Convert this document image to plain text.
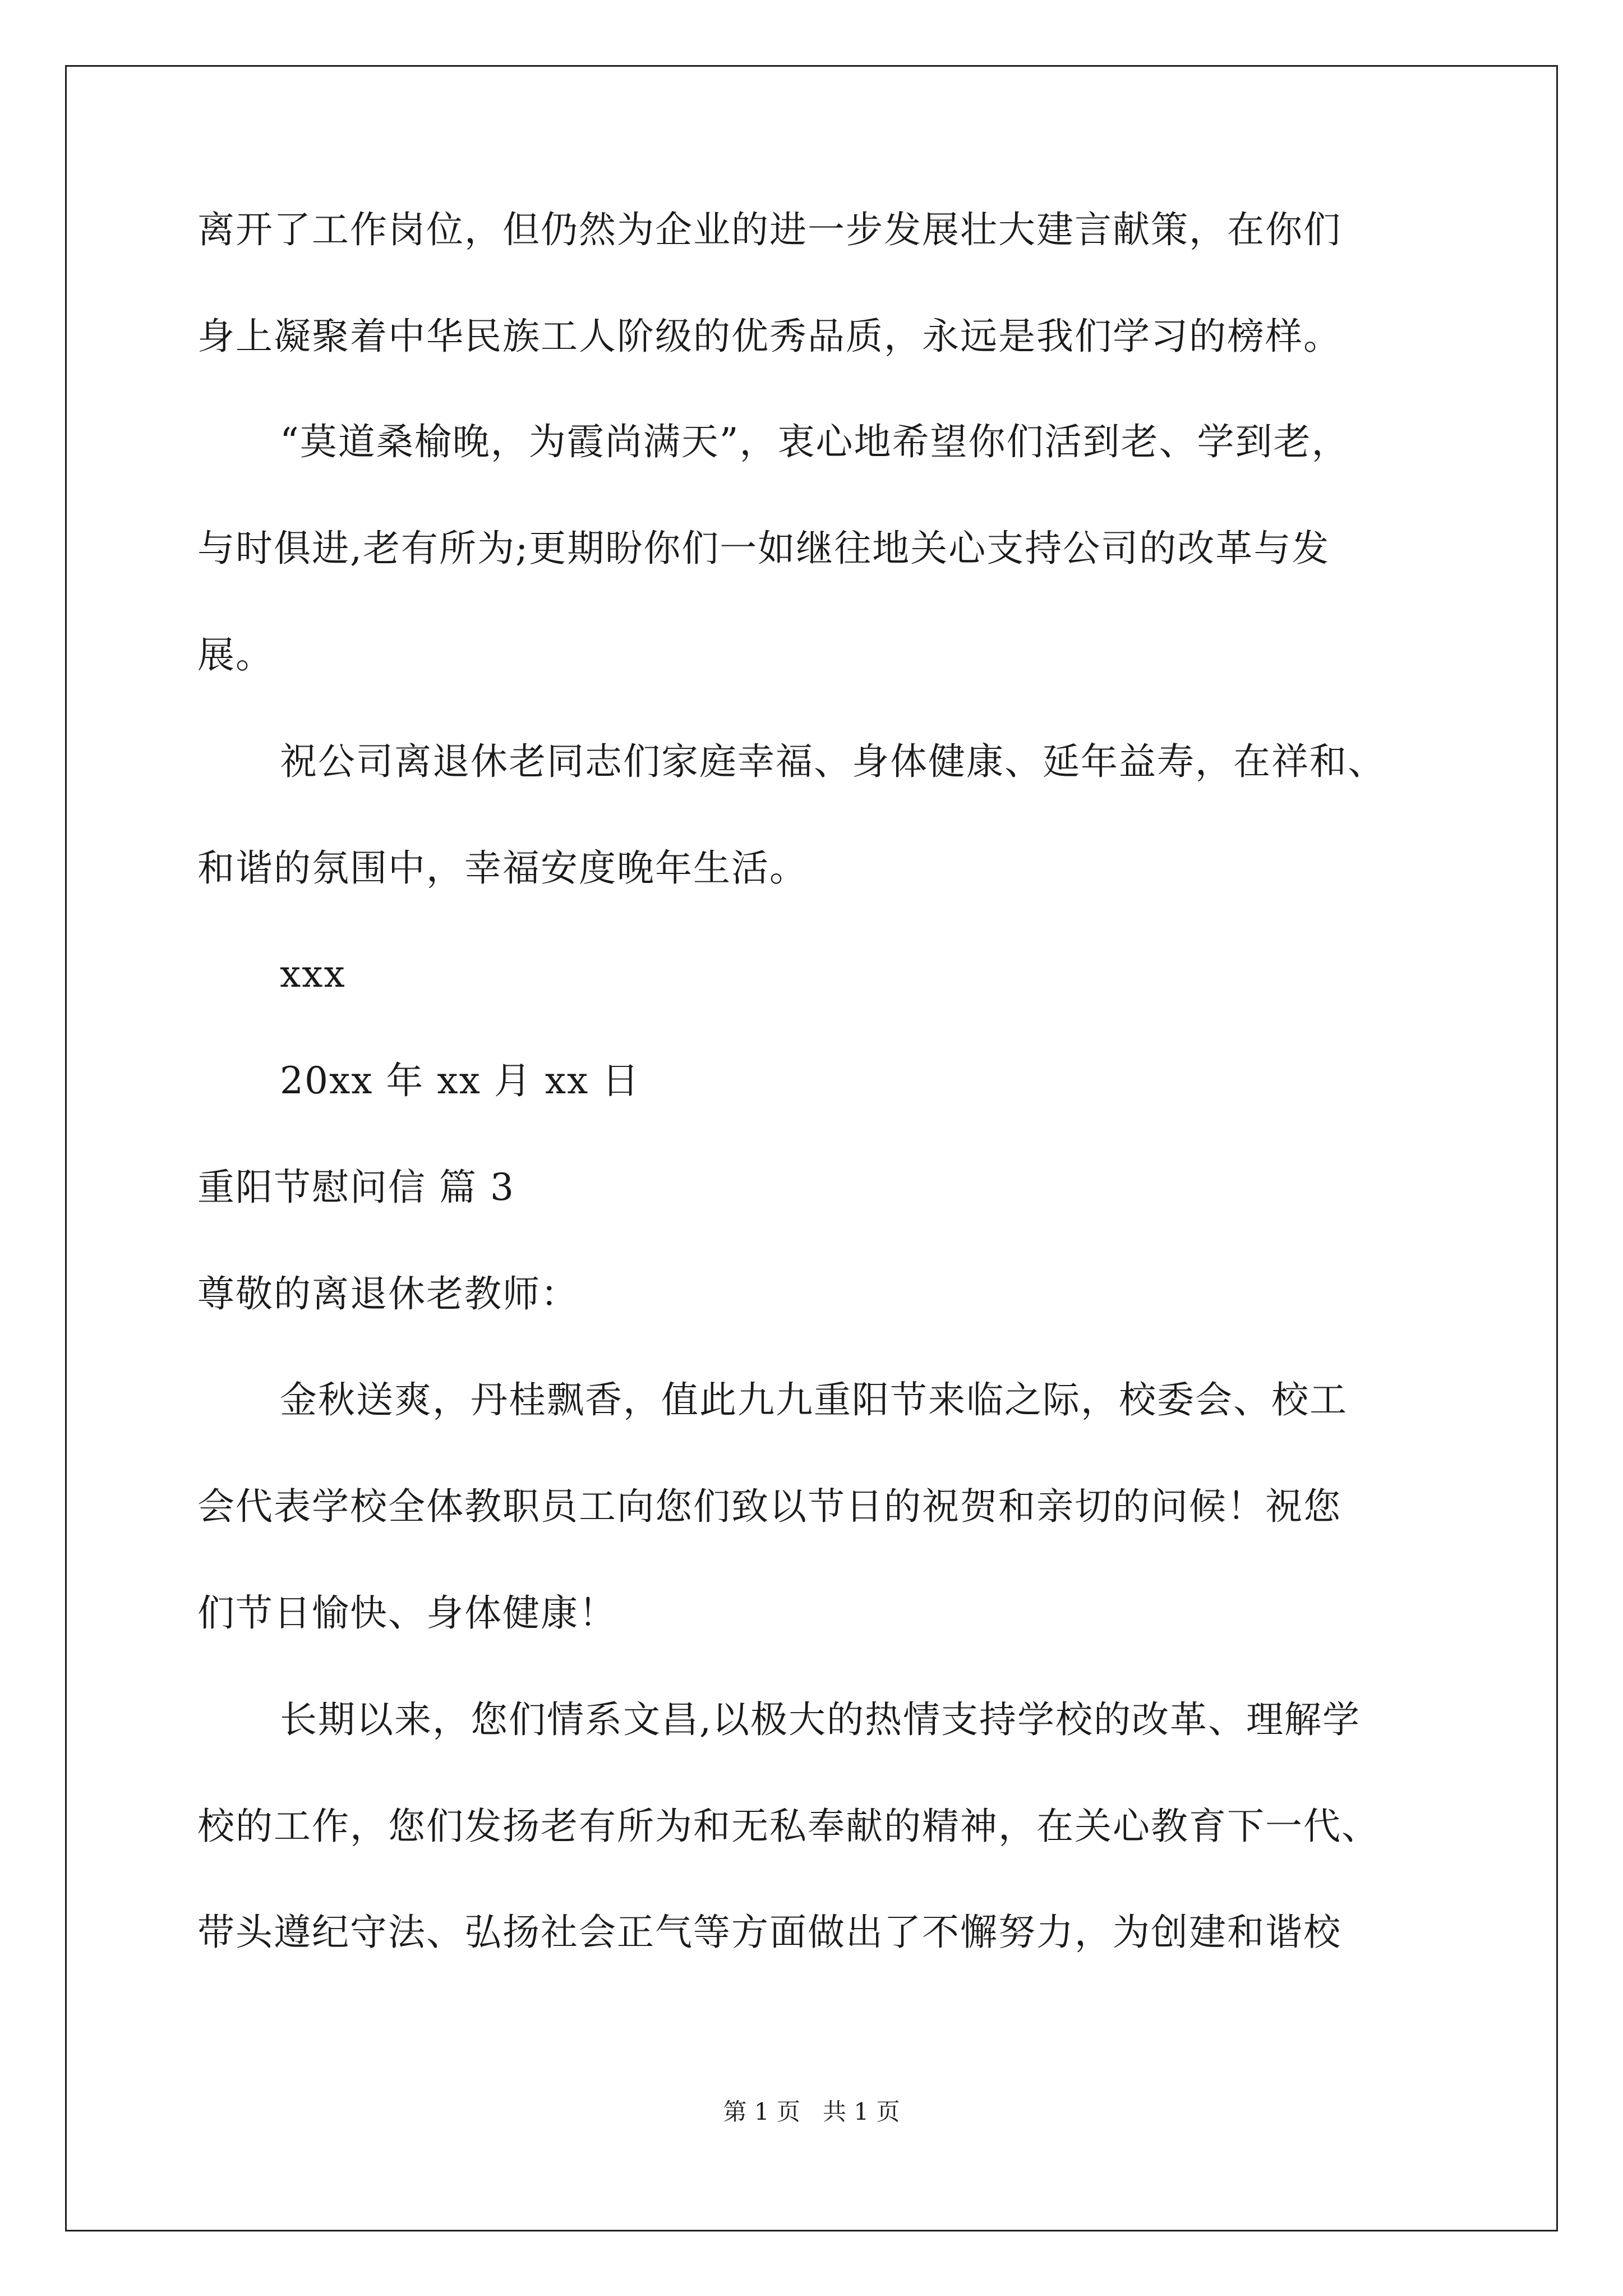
离开了工作岗位，但仍然为企业的进一步发展壮大建言献策，在你们
身上凝聚着中华民族工人阶级的优秀品质，永远是我们学习的榜样。
“莫道桑榆晚，为霞尚满天”，衷心地希望你们活到老、学到老，
与时俱进,老有所为;更期盼你们一如继往地关心支持公司的改革与发
展。
祝公司离退休老同志们家庭幸福、身体健康、延年益寿，在祥和、
和谐的氛围中，幸福安度晚年生活。
xxx
20xx 年 xx 月 xx 日
重阳节慰问信 篇 3
尊敬的离退休老教师：
金秋送爽，丹桂飘香，值此九九重阳节来临之际，校委会、校工
会代表学校全体教职员工向您们致以节日的祝贺和亲切的问候！祝您
们节日愉快、身体健康！
长期以来，您们情系文昌,以极大的热情支持学校的改革、理解学
校的工作，您们发扬老有所为和无私奉献的精神，在关心教育下一代、
带头遵纪守法、弘扬社会正气等方面做出了不懈努力，为创建和谐校
第 1 页   共 1 页
